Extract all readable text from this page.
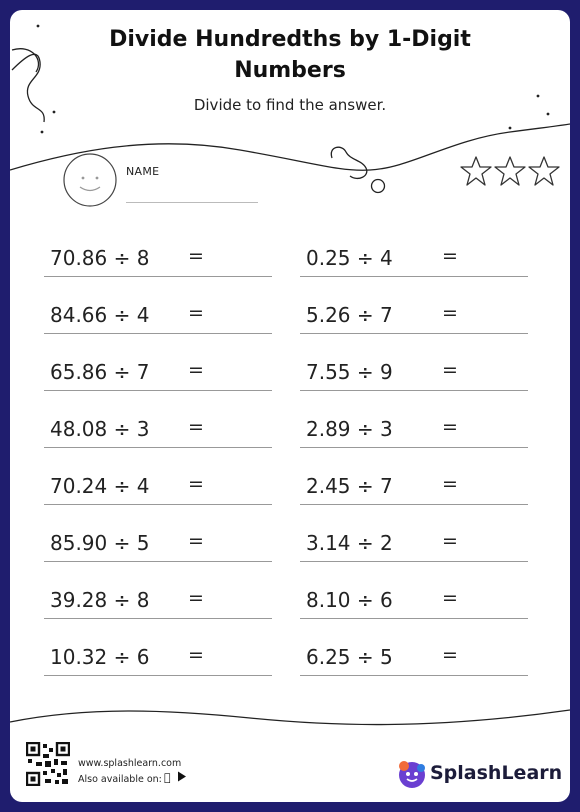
Divide Hundredths by 1-Digit Numbers
Divide to find the answer.
NAME
70.86 ÷ 8 =
84.66 ÷ 4 =
65.86 ÷ 7 =
48.08 ÷ 3 =
70.24 ÷ 4 =
85.90 ÷ 5 =
39.28 ÷ 8 =
10.32 ÷ 6 =
0.25 ÷ 4	=
5.26 ÷ 7	=
7.55 ÷ 9	=
2.89 ÷ 3	=
2.45 ÷ 7	=
3.14 ÷ 2	=
8.10 ÷ 6	=
6.25 ÷ 5	=
www.splashlearn.com
Also available on:	SplashLearn
